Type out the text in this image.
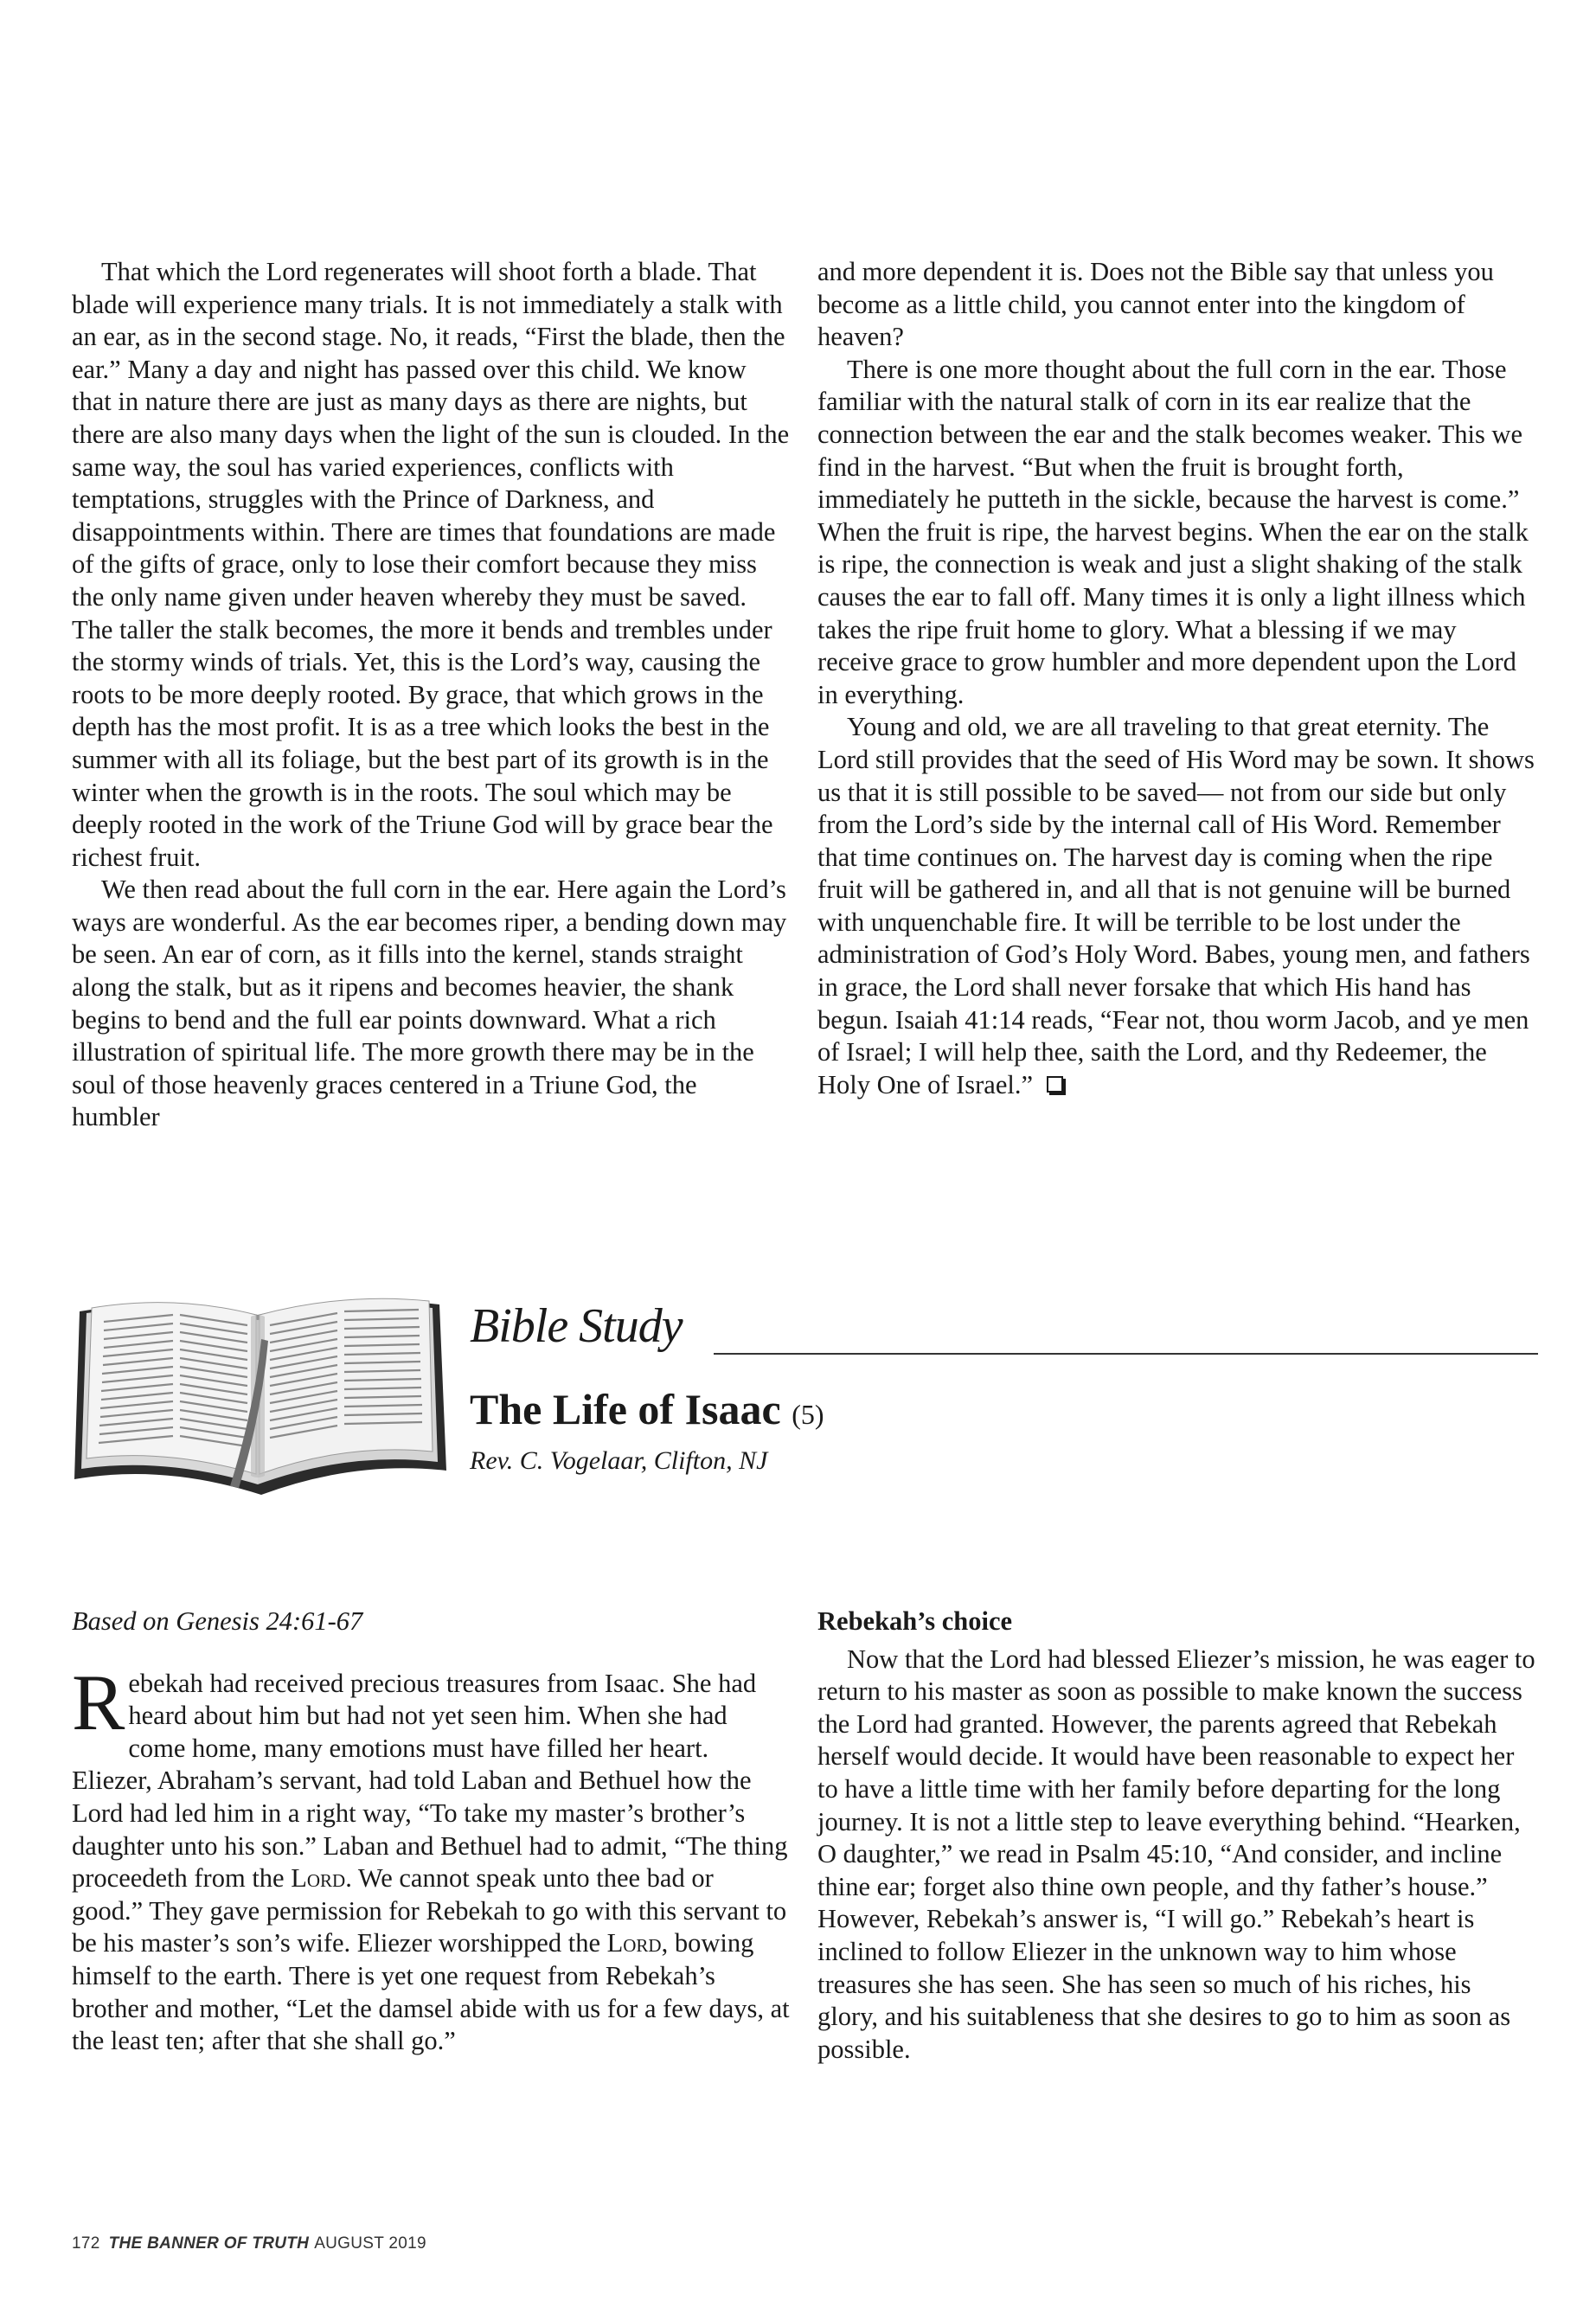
That which the Lord regenerates will shoot forth a blade. That blade will experience many trials. It is not immediately a stalk with an ear, as in the second stage. No, it reads, “First the blade, then the ear.” Many a day and night has passed over this child. We know that in nature there are just as many days as there are nights, but there are also many days when the light of the sun is clouded. In the same way, the soul has varied experiences, conflicts with temptations, struggles with the Prince of Darkness, and disappointments within. There are times that foundations are made of the gifts of grace, only to lose their comfort because they miss the only name given under heaven whereby they must be saved. The taller the stalk becomes, the more it bends and trembles under the stormy winds of trials. Yet, this is the Lord’s way, causing the roots to be more deeply rooted. By grace, that which grows in the depth has the most profit. It is as a tree which looks the best in the summer with all its foliage, but the best part of its growth is in the winter when the growth is in the roots. The soul which may be deeply rooted in the work of the Triune God will by grace bear the richest fruit.

We then read about the full corn in the ear. Here again the Lord’s ways are wonderful. As the ear becomes riper, a bending down may be seen. An ear of corn, as it fills into the kernel, stands straight along the stalk, but as it ripens and becomes heavier, the shank begins to bend and the full ear points downward. What a rich illustration of spiritual life. The more growth there may be in the soul of those heavenly graces centered in a Triune God, the humbler

and more dependent it is. Does not the Bible say that unless you become as a little child, you cannot enter into the kingdom of heaven?

There is one more thought about the full corn in the ear. Those familiar with the natural stalk of corn in its ear realize that the connection between the ear and the stalk becomes weaker. This we find in the harvest. “But when the fruit is brought forth, immediately he putteth in the sickle, because the harvest is come.” When the fruit is ripe, the harvest begins. When the ear on the stalk is ripe, the connection is weak and just a slight shaking of the stalk causes the ear to fall off. Many times it is only a light illness which takes the ripe fruit home to glory. What a blessing if we may receive grace to grow humbler and more dependent upon the Lord in everything.

Young and old, we are all traveling to that great eternity. The Lord still provides that the seed of His Word may be sown. It shows us that it is still possible to be saved— not from our side but only from the Lord’s side by the internal call of His Word. Remember that time continues on. The harvest day is coming when the ripe fruit will be gathered in, and all that is not genuine will be burned with unquenchable fire. It will be terrible to be lost under the administration of God’s Holy Word. Babes, young men, and fathers in grace, the Lord shall never forsake that which His hand has begun. Isaiah 41:14 reads, “Fear not, thou worm Jacob, and ye men of Israel; I will help thee, saith the Lord, and thy Redeemer, the Holy One of Israel.”

Bible Study
The Life of Isaac (5)
Rev. C. Vogelaar, Clifton, NJ
Based on Genesis 24:61-67

Rebekah had received precious treasures from Isaac. She had heard about him but had not yet seen him. When she had come home, many emotions must have filled her heart. Eliezer, Abraham’s servant, had told Laban and Bethuel how the Lord had led him in a right way, “To take my master’s brother’s daughter unto his son.” Laban and Bethuel had to admit, “The thing proceedeth from the Lord. We cannot speak unto thee bad or good.” They gave permission for Rebekah to go with this servant to be his master’s son’s wife. Eliezer worshipped the Lord, bowing himself to the earth. There is yet one request from Rebekah’s brother and mother, “Let the damsel abide with us for a few days, at the least ten; after that she shall go.”

Rebekah’s choice

Now that the Lord had blessed Eliezer’s mission, he was eager to return to his master as soon as possible to make known the success the Lord had granted. However, the parents agreed that Rebekah herself would decide. It would have been reasonable to expect her to have a little time with her family before departing for the long journey. It is not a little step to leave everything behind. “Hearken, O daughter,” we read in Psalm 45:10, “And consider, and incline thine ear; forget also thine own people, and thy father’s house.” However, Rebekah’s answer is, “I will go.” Rebekah’s heart is inclined to follow Eliezer in the unknown way to him whose treasures she has seen. She has seen so much of his riches, his glory, and his suitableness that she desires to go to him as soon as possible.

172 THE BANNER OF TRUTH AUGUST 2019
